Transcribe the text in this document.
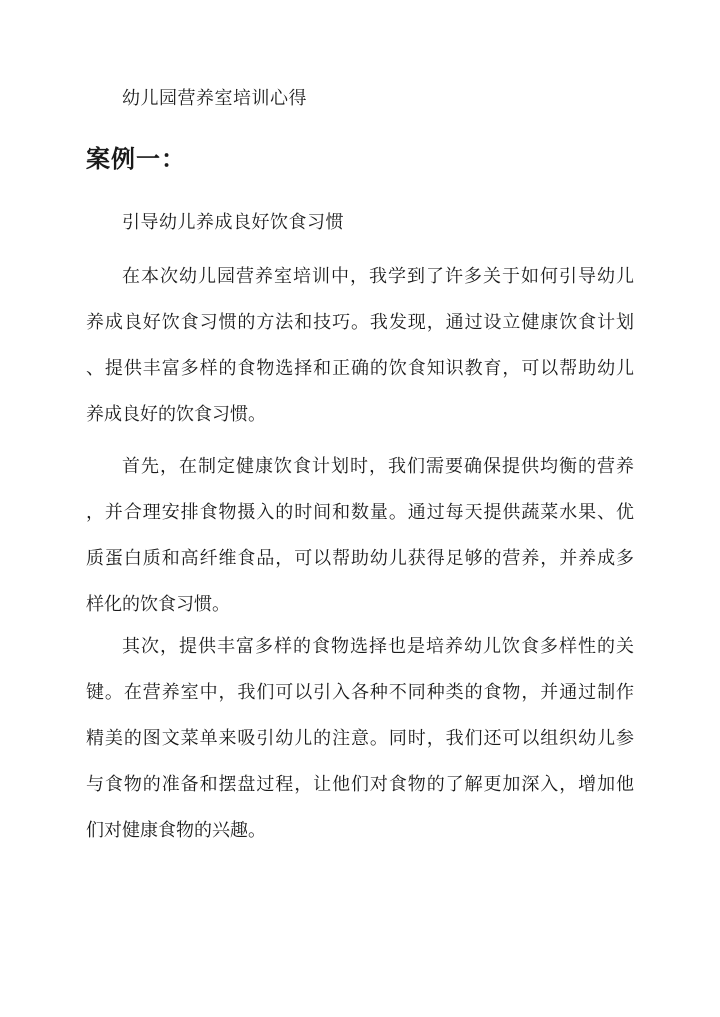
幼儿园营养室培训心得
案例一：
引导幼儿养成良好饮食习惯
在本次幼儿园营养室培训中，我学到了许多关于如何引导幼儿
养成良好饮食习惯的方法和技巧。我发现，通过设立健康饮食计划
、提供丰富多样的食物选择和正确的饮食知识教育，可以帮助幼儿
养成良好的饮食习惯。
首先，在制定健康饮食计划时，我们需要确保提供均衡的营养
，并合理安排食物摄入的时间和数量。通过每天提供蔬菜水果、优
质蛋白质和高纤维食品，可以帮助幼儿获得足够的营养，并养成多
样化的饮食习惯。
其次，提供丰富多样的食物选择也是培养幼儿饮食多样性的关
键。在营养室中，我们可以引入各种不同种类的食物，并通过制作
精美的图文菜单来吸引幼儿的注意。同时，我们还可以组织幼儿参
与食物的准备和摆盘过程，让他们对食物的了解更加深入，增加他
们对健康食物的兴趣。
